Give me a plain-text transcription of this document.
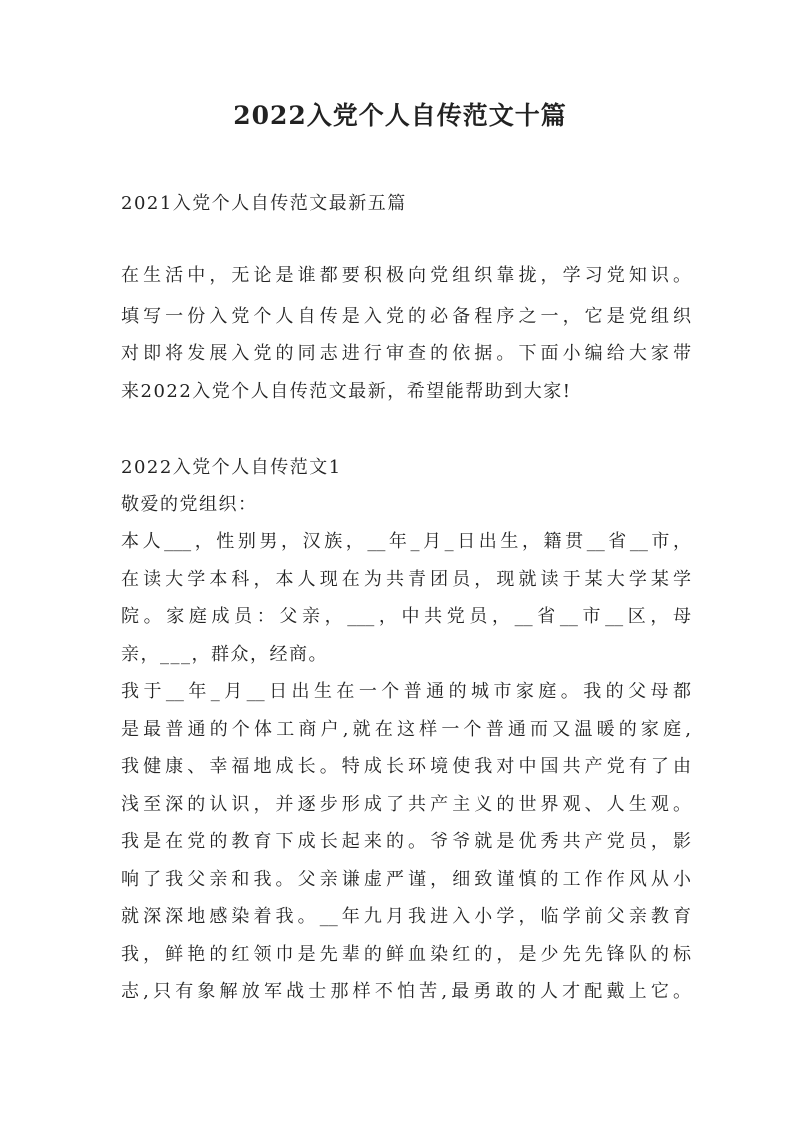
2022入党个人自传范文十篇
2021入党个人自传范文最新五篇
在生活中，无论是谁都要积极向党组织靠拢，学习党知识。
填写一份入党个人自传是入党的必备程序之一，它是党组织
对即将发展入党的同志进行审查的依据。下面小编给大家带
来2022入党个人自传范文最新，希望能帮助到大家!
2022入党个人自传范文1
敬爱的党组织：
本人___，性别男，汉族，__年_月_日出生，籍贯__省__市，
在读大学本科，本人现在为共青团员，现就读于某大学某学
院。家庭成员：父亲，___，中共党员，__省__市__区，母
亲，___，群众，经商。
我于__年_月__日出生在一个普通的城市家庭。我的父母都
是最普通的个体工商户,就在这样一个普通而又温暖的家庭,
我健康、幸福地成长。特成长环境使我对中国共产党有了由
浅至深的认识，并逐步形成了共产主义的世界观、人生观。
我是在党的教育下成长起来的。爷爷就是优秀共产党员，影
响了我父亲和我。父亲谦虚严谨，细致谨慎的工作作风从小
就深深地感染着我。__年九月我进入小学，临学前父亲教育
我，鲜艳的红领巾是先辈的鲜血染红的，是少先先锋队的标
志,只有象解放军战士那样不怕苦,最勇敢的人才配戴上它。
